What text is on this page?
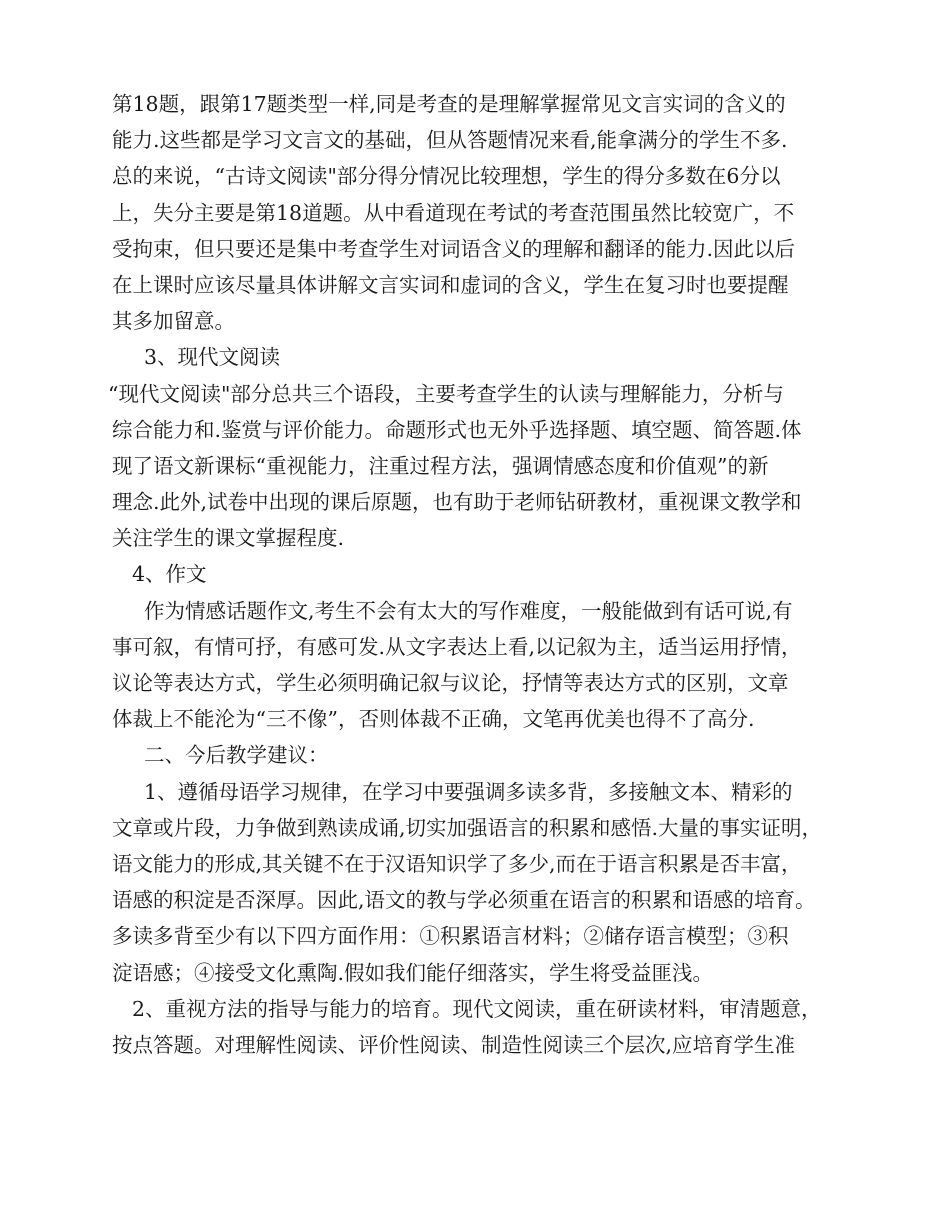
第18题，跟第17题类型一样,同是考查的是理解掌握常见文言实词的含义的
能力.这些都是学习文言文的基础，但从答题情况来看,能拿满分的学生不多.
总的来说，“古诗文阅读"部分得分情况比较理想，学生的得分多数在6分以
上，失分主要是第18道题。从中看道现在考试的考查范围虽然比较宽广，不
受拘束，但只要还是集中考查学生对词语含义的理解和翻译的能力.因此以后
在上课时应该尽量具体讲解文言实词和虚词的含义，学生在复习时也要提醒
其多加留意。
3、现代文阅读
“现代文阅读"部分总共三个语段，主要考查学生的认读与理解能力，分析与
综合能力和.鉴赏与评价能力。命题形式也无外乎选择题、填空题、简答题.体
现了语文新课标“重视能力，注重过程方法，强调情感态度和价值观”的新
理念.此外,试卷中出现的课后原题，也有助于老师钻研教材，重视课文教学和
关注学生的课文掌握程度.
4、作文
作为情感话题作文,考生不会有太大的写作难度，一般能做到有话可说,有
事可叙，有情可抒，有感可发.从文字表达上看,以记叙为主，适当运用抒情，
议论等表达方式，学生必须明确记叙与议论，抒情等表达方式的区别，文章
体裁上不能沦为“三不像”，否则体裁不正确，文笔再优美也得不了高分.
二、今后教学建议：
1、遵循母语学习规律，在学习中要强调多读多背，多接触文本、精彩的
文章或片段，力争做到熟读成诵,切实加强语言的积累和感悟.大量的事实证明，
语文能力的形成,其关键不在于汉语知识学了多少,而在于语言积累是否丰富，
语感的积淀是否深厚。因此,语文的教与学必须重在语言的积累和语感的培育。
多读多背至少有以下四方面作用：①积累语言材料；②储存语言模型；③积
淀语感；④接受文化熏陶.假如我们能仔细落实，学生将受益匪浅。
2、重视方法的指导与能力的培育。现代文阅读，重在研读材料，审清题意，
按点答题。对理解性阅读、评价性阅读、制造性阅读三个层次,应培育学生准
